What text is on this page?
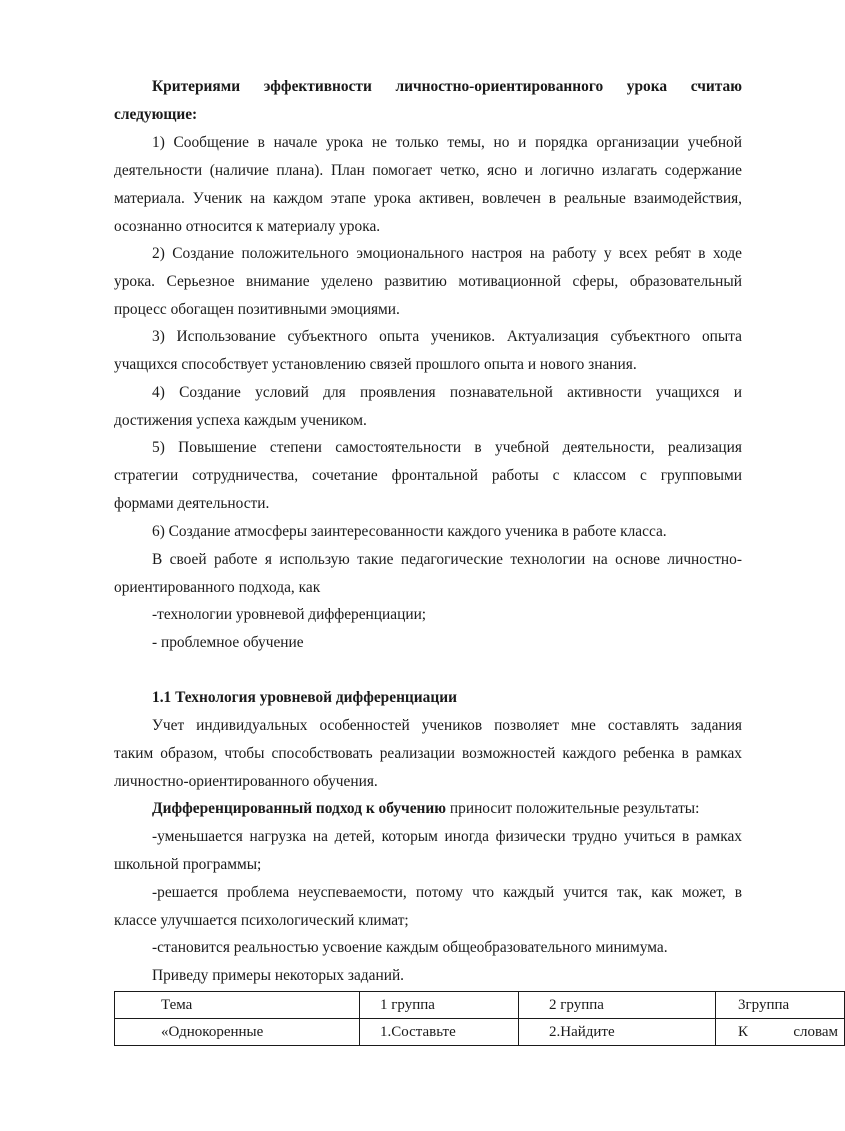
Критериями эффективности личностно-ориентированного урока считаю
следующие:
1) Сообщение в начале урока не только темы, но и порядка организации учебной
деятельности (наличие плана). План помогает четко, ясно и логично излагать содержание
материала. Ученик на каждом этапе урока активен, вовлечен в реальные взаимодействия,
осознанно относится к материалу урока.
2) Создание положительного эмоционального настроя на работу у всех ребят в ходе
урока. Серьезное внимание уделено развитию мотивационной сферы, образовательный
процесс обогащен позитивными эмоциями.
3) Использование субъектного опыта учеников. Актуализация субъектного опыта
учащихся способствует установлению связей прошлого опыта и нового знания.
4) Создание условий для проявления познавательной активности учащихся и
достижения успеха каждым учеником.
5) Повышение степени самостоятельности в учебной деятельности, реализация
стратегии сотрудничества, сочетание фронтальной работы с классом с групповыми
формами деятельности.
6) Создание атмосферы заинтересованности каждого ученика в работе класса.
В своей работе я использую такие педагогические технологии на основе личностно-
ориентированного подхода, как
-технологии уровневой дифференциации;
- проблемное обучение
1.1 Технология уровневой дифференциации
Учет индивидуальных особенностей учеников позволяет мне составлять задания
таким образом, чтобы способствовать реализации возможностей каждого ребенка в рамках
личностно-ориентированного обучения.
Дифференцированный подход к обучению приносит положительные результаты:
-уменьшается нагрузка на детей, которым иногда физически трудно учиться в рамках
школьной программы;
-решается проблема неуспеваемости, потому что каждый учится так, как может, в
классе улучшается психологический климат;
-становится реальностью усвоение каждым общеобразовательного минимума.
Приведу примеры некоторых заданий.
Тема	1 группа	2 группа	3группа
«Однокоренные	1.Составьте	2.Найдите	К словам
